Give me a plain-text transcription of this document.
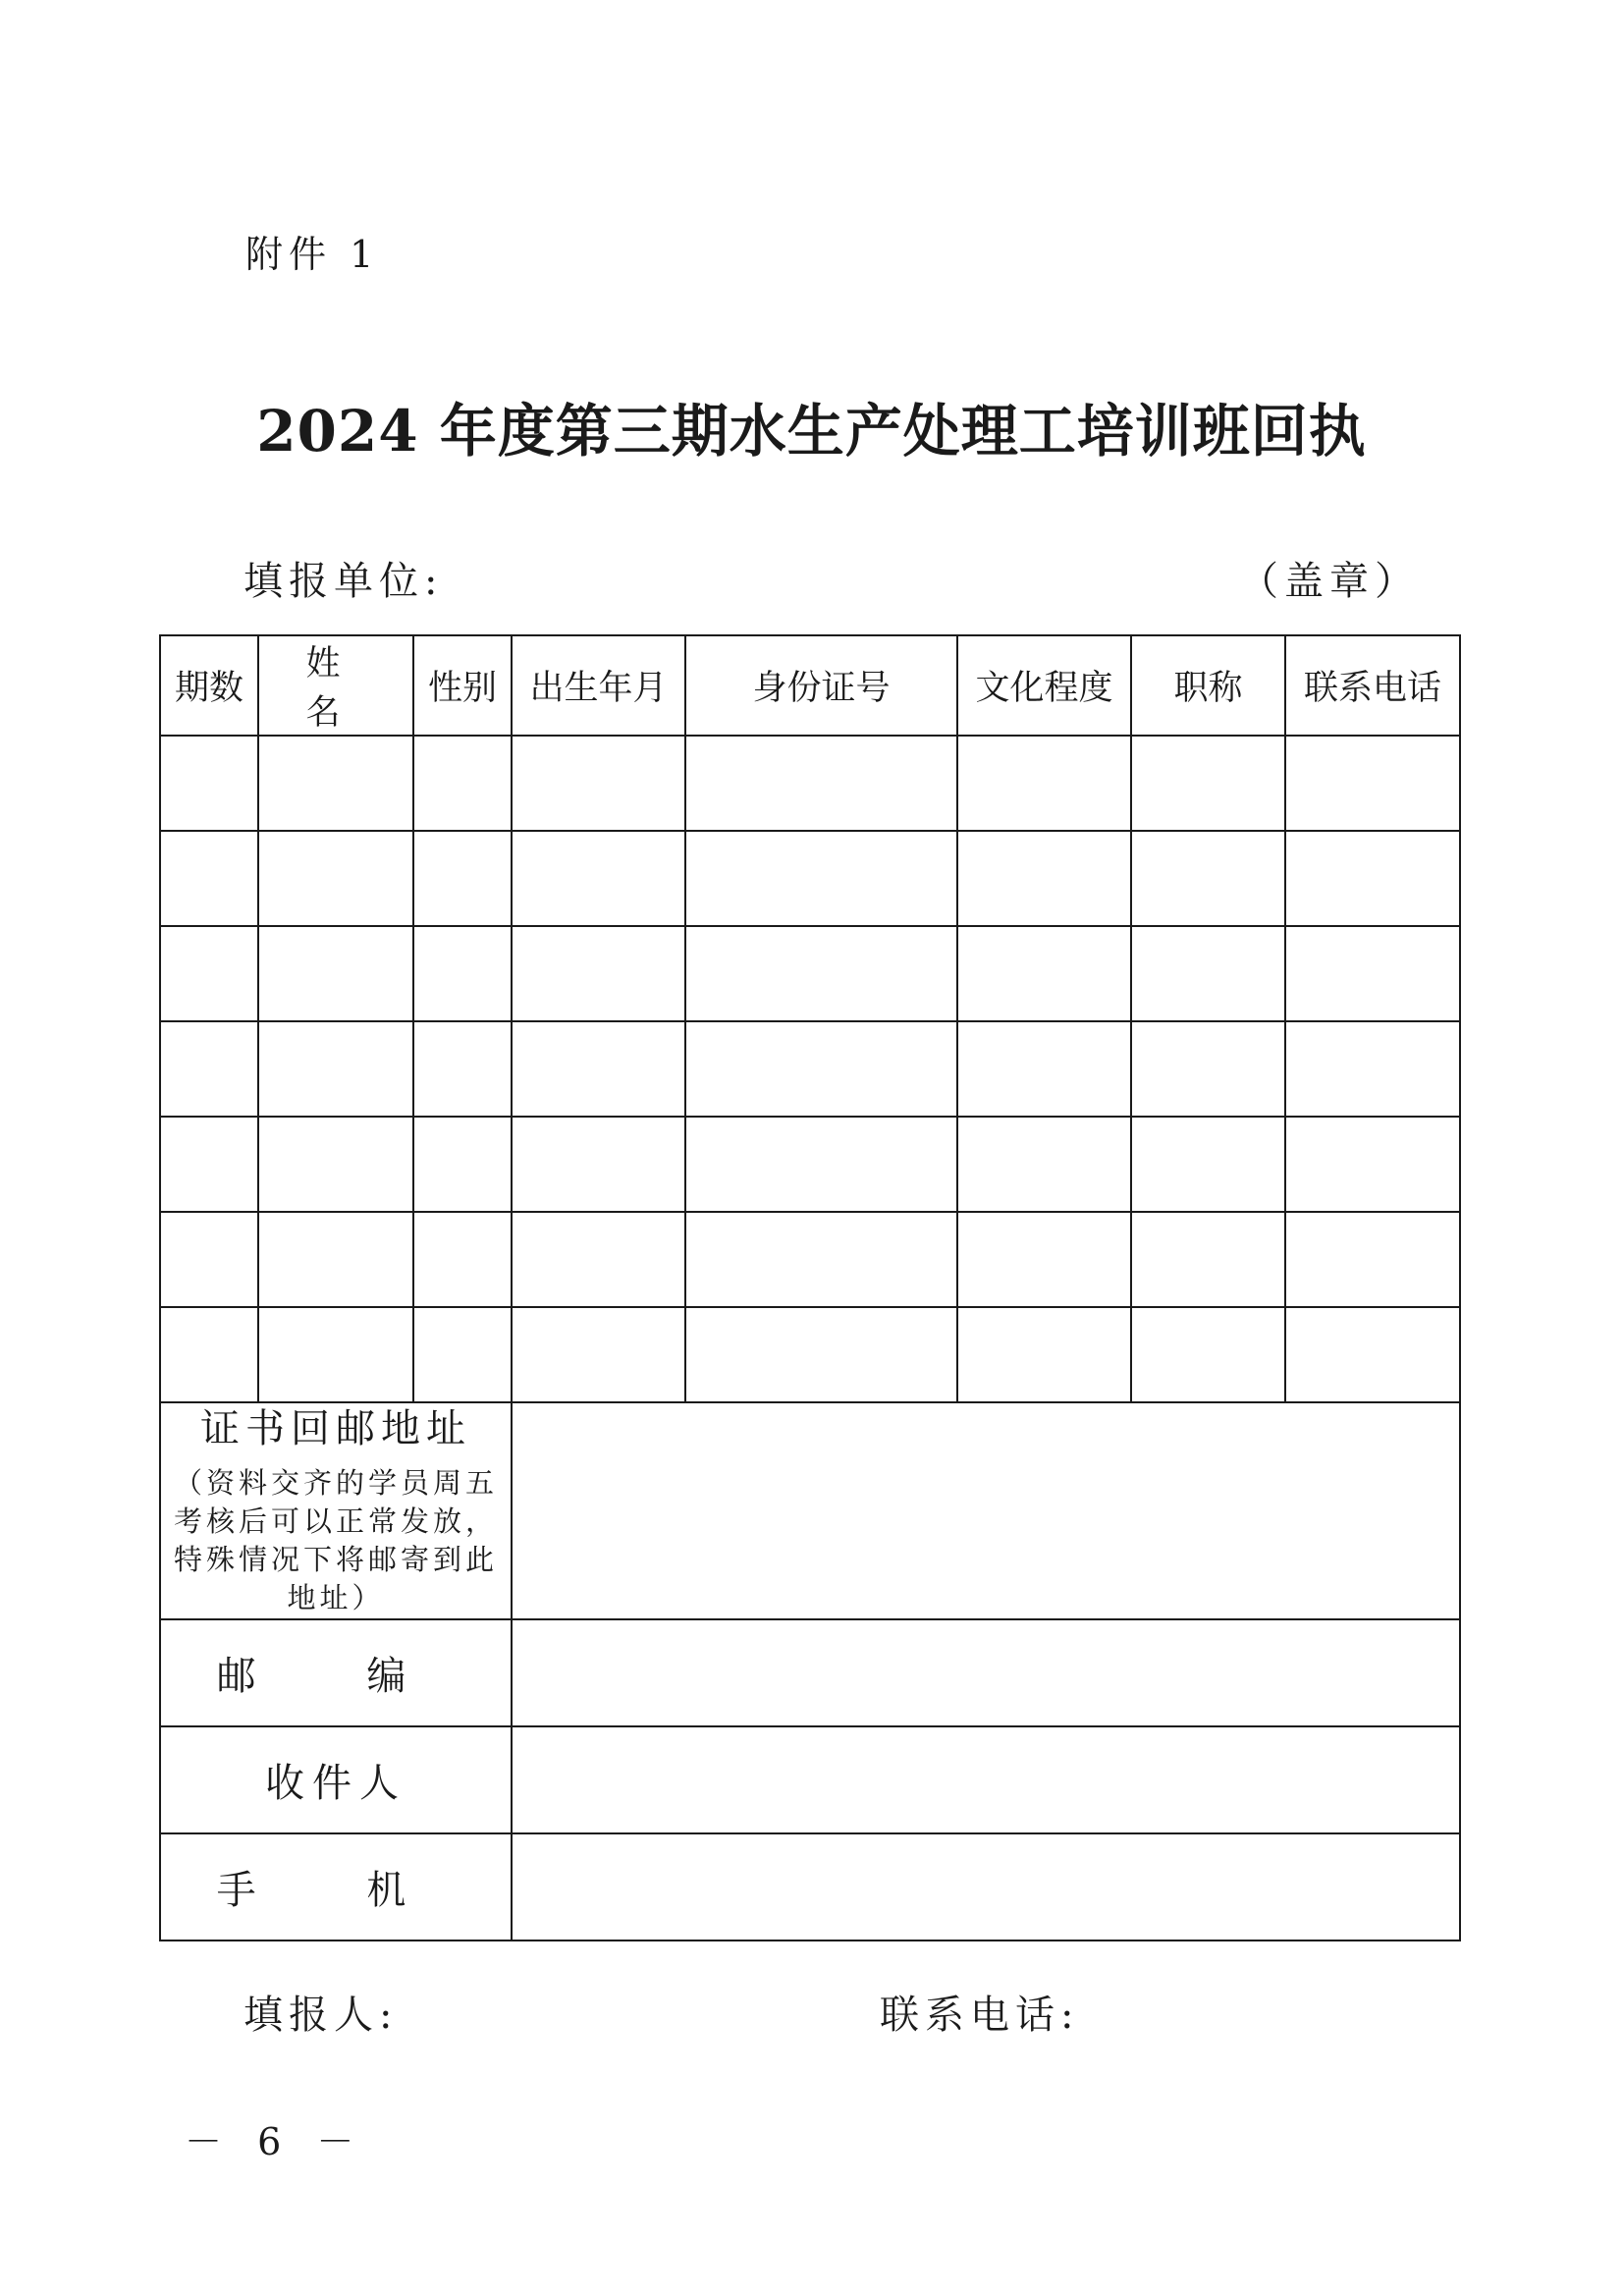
附件 1
2024 年度第三期水生产处理工培训班回执
填报单位:	（盖章）
期数	姓 名	性别	出生年月	身份证号	文化程度	职称	联系电话

证书回邮地址
（资料交齐的学员周五考核后可以正常发放，特殊情况下将邮寄到此地址）							

邮 编							
收件人							
手 机							
填报人:	联系电话:
－ 6 －
